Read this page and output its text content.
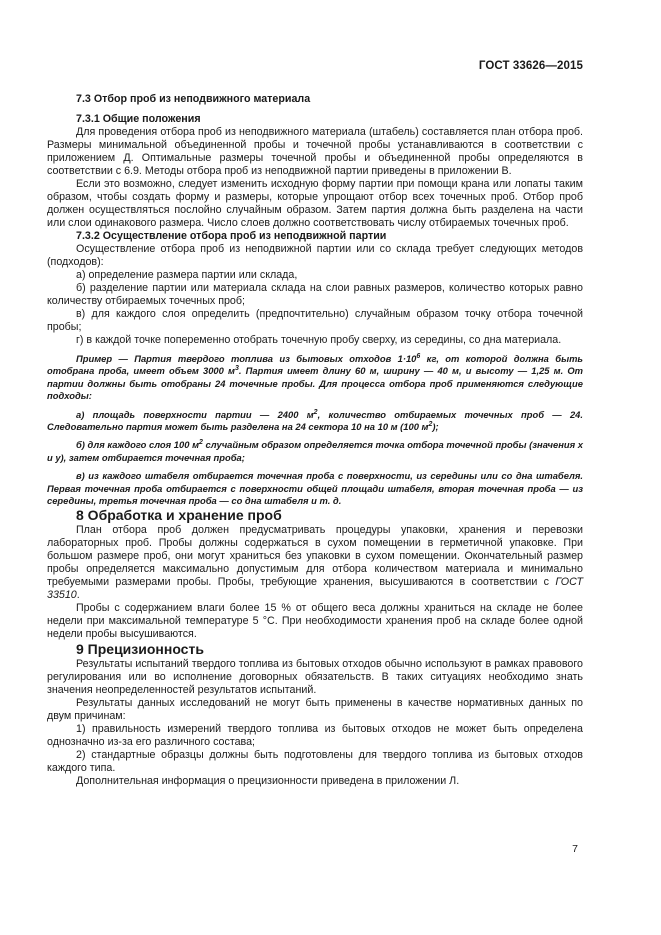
ГОСТ 33626—2015

7.3 Отбор проб из неподвижного материала

7.3.1 Общие положения

Для проведения отбора проб из неподвижного материала (штабель) составляется план отбора проб. Размеры минимальной объединенной пробы и точечной пробы устанавливаются в соответствии с приложением Д. Оптимальные размеры точечной пробы и объединенной пробы определяются в соответствии с 6.9. Методы отбора проб из неподвижной партии приведены в приложении В.

Если это возможно, следует изменить исходную форму партии при помощи крана или лопаты таким образом, чтобы создать форму и размеры, которые упрощают отбор всех точечных проб. Отбор проб должен осуществляться послойно случайным образом. Затем партия должна быть разделена на части или слои одинакового размера. Число слоев должно соответствовать числу отбираемых точечных проб.

7.3.2 Осуществление отбора проб из неподвижной партии

Осуществление отбора проб из неподвижной партии или со склада требует следующих методов (подходов):

а) определение размера партии или склада,

б) разделение партии или материала склада на слои равных размеров, количество которых равно количеству отбираемых точечных проб;

в) для каждого слоя определить (предпочтительно) случайным образом точку отбора точечной пробы;

г) в каждой точке попеременно отобрать точечную пробу сверху, из середины, со дна материала.

Пример — Партия твердого топлива из бытовых отходов $1\cdot 10^6$ кг, от которой должна быть отобрана проба, имеет объем 3000 $м^3$. Партия имеет длину 60 м, ширину — 40 м, и высоту — 1,25 м. От партии должны быть отобраны 24 точечные пробы. Для процесса отбора проб применяются следующие подходы:

а) площадь поверхности партии — 2400 $м^2$, количество отбираемых точечных проб — 24. Следовательно партия может быть разделена на 24 сектора 10 на 10 м (100 $м^2$);

б) для каждого слоя 100 $м^2$ случайным образом определяется точка отбора точечной пробы (значения x и y), затем отбирается точечная проба;

в) из каждого штабеля отбирается точечная проба с поверхности, из середины или со дна штабеля. Первая точечная проба отбирается с поверхности общей площади штабеля, вторая точечная проба — из середины, третья точечная проба — со дна штабеля и т. д.

8 Обработка и хранение проб

План отбора проб должен предусматривать процедуры упаковки, хранения и перевозки лабораторных проб. Пробы должны содержаться в сухом помещении в герметичной упаковке. При большом размере проб, они могут храниться без упаковки в сухом помещении. Окончательный размер пробы определяется максимально допустимым для отбора количеством материала и минимально требуемыми размерами пробы. Пробы, требующие хранения, высушиваются в соответствии с ГОСТ 33510.

Пробы с содержанием влаги более 15 % от общего веса должны храниться на складе не более недели при максимальной температуре 5 °С. При необходимости хранения проб на складе более одной недели пробы высушиваются.

9 Прецизионность

Результаты испытаний твердого топлива из бытовых отходов обычно используют в рамках правового регулирования или во исполнение договорных обязательств. В таких ситуациях необходимо знать значения неопределенностей результатов испытаний.

Результаты данных исследований не могут быть применены в качестве нормативных данных по двум причинам:

1) правильность измерений твердого топлива из бытовых отходов не может быть определена однозначно из-за его различного состава;

2) стандартные образцы должны быть подготовлены для твердого топлива из бытовых отходов каждого типа.

Дополнительная информация о прецизионности приведена в приложении Л.

7
